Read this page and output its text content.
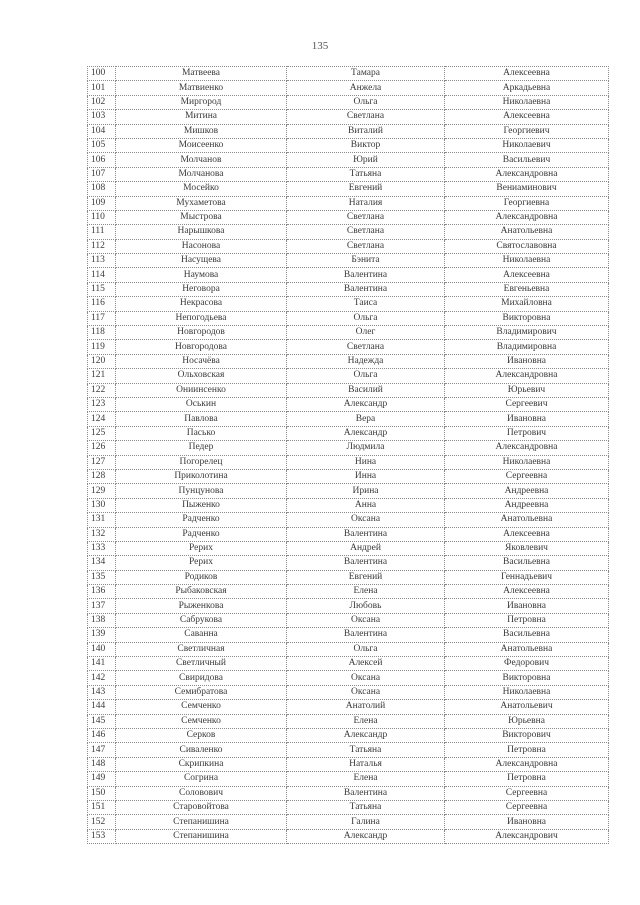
135
100	Матвеева	Тамара	Алексеевна
101	Матвиенко	Анжела	Аркадьевна
102	Миргород	Ольга	Николаевна
103	Митина	Светлана	Алексеевна
104	Мишков	Виталий	Георгиевич
105	Моисеенко	Виктор	Николаевич
106	Молчанов	Юрий	Васильевич
107	Молчанова	Татьяна	Александровна
108	Мосейко	Евгений	Вениаминович
109	Мухаметова	Наталия	Георгиевна
110	Мыстрова	Светлана	Александровна
111	Нарышкова	Светлана	Анатольевна
112	Насонова	Светлана	Святославовна
113	Насущева	Бэнита	Николаевна
114	Наумова	Валентина	Алексеевна
115	Неговора	Валентина	Евгеньевна
116	Некрасова	Таиса	Михайловна
117	Непогодьева	Ольга	Викторовна
118	Новгородов	Олег	Владимирович
119	Новгородова	Светлана	Владимировна
120	Носачёва	Надежда	Ивановна
121	Ольховская	Ольга	Александровна
122	Ониинсенко	Василий	Юрьевич
123	Оськин	Александр	Сергеевич
124	Павлова	Вера	Ивановна
125	Пасько	Александр	Петрович
126	Педер	Людмила	Александровна
127	Погорелец	Нина	Николаевна
128	Приколотина	Инна	Сергеевна
129	Пунцунова	Ирина	Андреевна
130	Пыженко	Анна	Андреевна
131	Радченко	Оксана	Анатольевна
132	Радченко	Валентина	Алексеевна
133	Рерих	Андрей	Яковлевич
134	Рерих	Валентина	Васильевна
135	Родиков	Евгений	Геннадьевич
136	Рыбаковская	Елена	Алексеевна
137	Рыженкова	Любовь	Ивановна
138	Сабрукова	Оксана	Петровна
139	Саванна	Валентина	Васильевна
140	Светличная	Ольга	Анатольевна
141	Светличный	Алексей	Федорович
142	Свиридова	Оксана	Викторовна
143	Семибратова	Оксана	Николаевна
144	Семченко	Анатолий	Анатольевич
145	Семченко	Елена	Юрьевна
146	Серков	Александр	Викторович
147	Сиваленко	Татьяна	Петровна
148	Скрипкина	Наталья	Александровна
149	Согрина	Елена	Петровна
150	Соловович	Валентина	Сергеевна
151	Старовойтова	Татьяна	Сергеевна
152	Степанишина	Галина	Ивановна
153	Степанишина	Александр	Александрович
